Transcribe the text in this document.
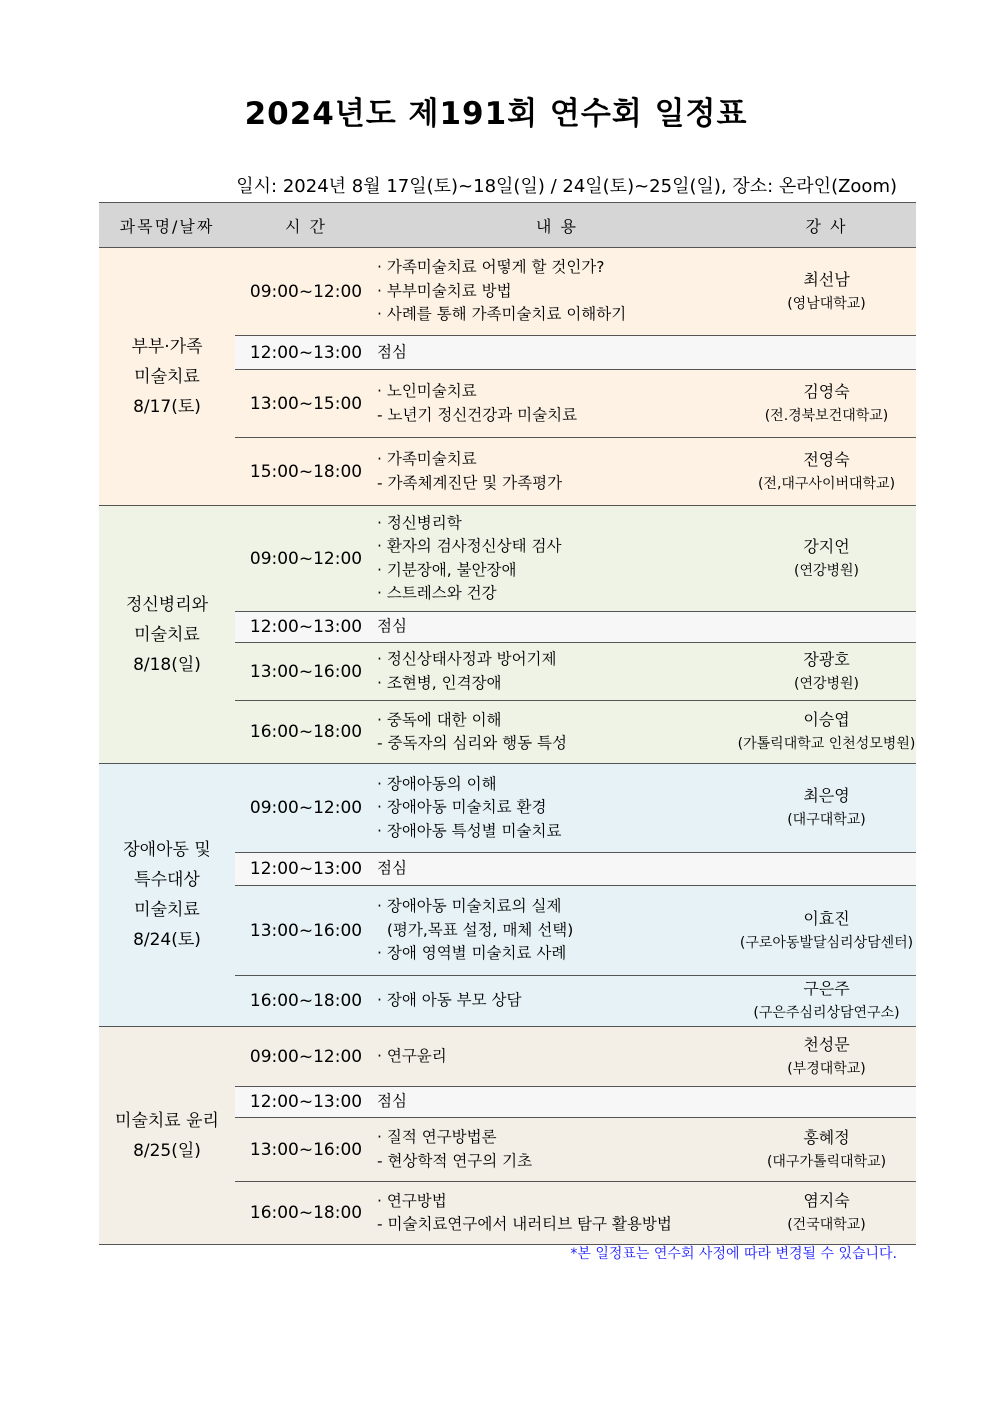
2024년도 제191회 연수회 일정표
일시: 2024년 8월 17일(토)~18일(일) / 24일(토)~25일(일), 장소: 온라인(Zoom)
과목명/날짜	시 간	내 용	강 사

부부·가족
미술치료
8/17(토)	09:00~12:00	· 가족미술치료 어떻게 할 것인가?
· 부부미술치료 방법
· 사례를 통해 가족미술치료 이해하기	최선남
(영남대학교)

	12:00~13:00	점심	

	13:00~15:00	· 노인미술치료
- 노년기 정신건강과 미술치료	김영숙
(전.경북보건대학교)

	15:00~18:00	· 가족미술치료
- 가족체계진단 및 가족평가	전영숙
(전,대구사이버대학교)

정신병리와
미술치료
8/18(일)	09:00~12:00	· 정신병리학
· 환자의 검사정신상태 검사
· 기분장애, 불안장애
· 스트레스와 건강	강지언
(연강병원)

	12:00~13:00	점심	

	13:00~16:00	· 정신상태사정과 방어기제
· 조현병, 인격장애	장광호
(연강병원)

	16:00~18:00	· 중독에 대한 이해
- 중독자의 심리와 행동 특성	이승엽
(가톨릭대학교 인천성모병원)

장애아동 및
특수대상
미술치료
8/24(토)	09:00~12:00	· 장애아동의 이해
· 장애아동 미술치료 환경
· 장애아동 특성별 미술치료	최은영
(대구대학교)

	12:00~13:00	점심	

	13:00~16:00	· 장애아동 미술치료의 실제
(평가,목표 설정, 매체 선택)
· 장애 영역별 미술치료 사례	이효진
(구로아동발달심리상담센터)

	16:00~18:00	· 장애 아동 부모 상담	구은주
(구은주심리상담연구소)

미술치료 윤리
8/25(일)	09:00~12:00	· 연구윤리	천성문
(부경대학교)

	12:00~13:00	점심	

	13:00~16:00	· 질적 연구방법론
- 현상학적 연구의 기초	홍혜정
(대구가톨릭대학교)

	16:00~18:00	· 연구방법
- 미술치료연구에서 내러티브 탐구 활용방법	염지숙
(건국대학교)
*본 일정표는 연수회 사정에 따라 변경될 수 있습니다.
